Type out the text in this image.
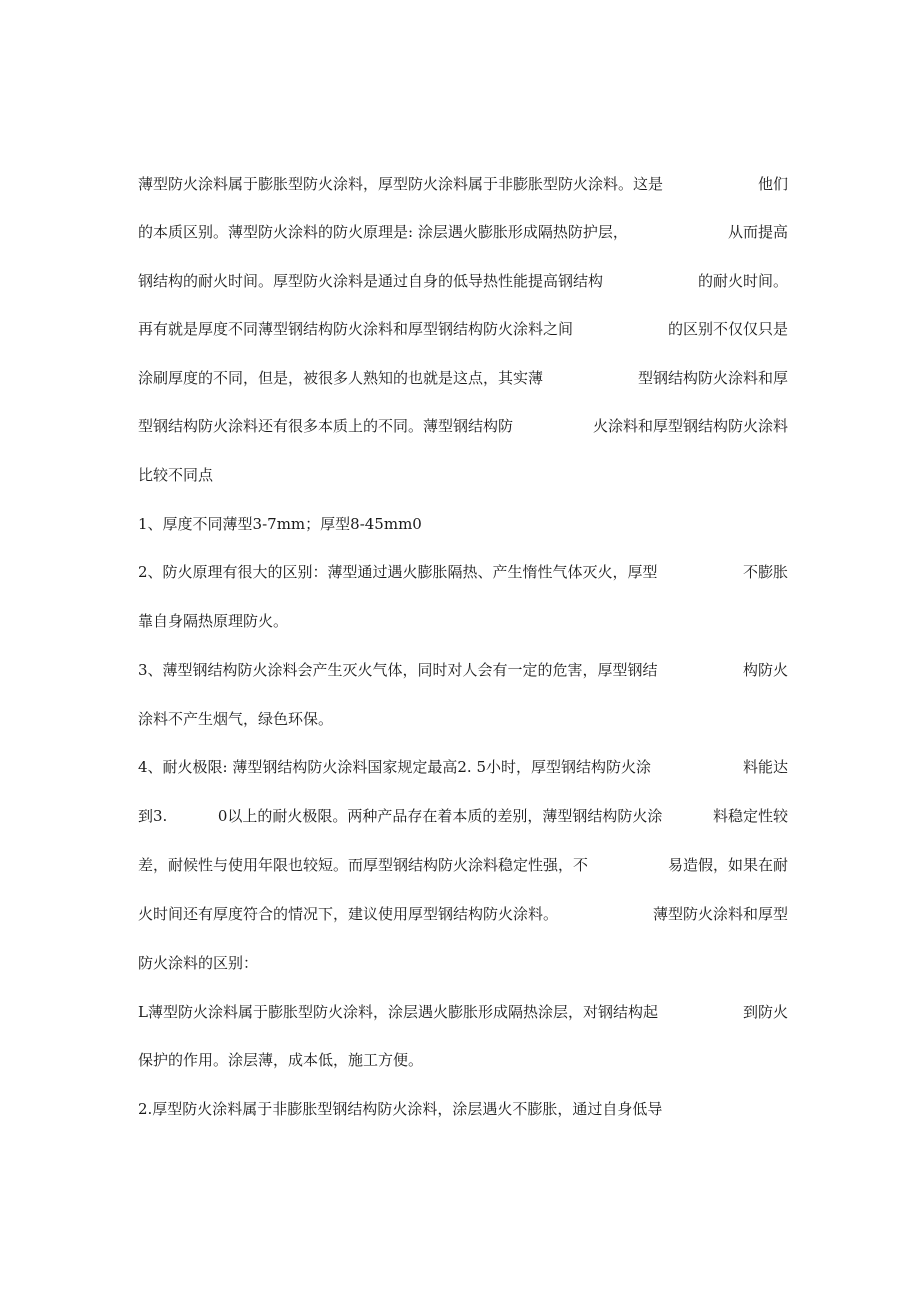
薄型防火涂料属于膨胀型防火涂料，厚型防火涂料属于非膨胀型防火涂料。这是	他们
的本质区别。薄型防火涂料的防火原理是: 涂层遇火膨胀形成隔热防护层，	从而提高
钢结构的耐火时间。厚型防火涂料是通过自身的低导热性能提高钢结构	的耐火时间。
再有就是厚度不同薄型钢结构防火涂料和厚型钢结构防火涂料之间	的区别不仅仅只是
涂刷厚度的不同，但是，被很多人熟知的也就是这点，其实薄	型钢结构防火涂料和厚
型钢结构防火涂料还有很多本质上的不同。薄型钢结构防	火涂料和厚型钢结构防火涂料
比较不同点
1、厚度不同薄型3-7mm；厚型8-45mm0
2、防火原理有很大的区别：薄型通过遇火膨胀隔热、产生惰性气体灭火，厚型	不膨胀
靠自身隔热原理防火。
3、薄型钢结构防火涂料会产生灭火气体，同时对人会有一定的危害，厚型钢结	构防火
涂料不产生烟气，绿色环保。
4、耐火极限: 薄型钢结构防火涂料国家规定最高2. 5小时，厚型钢结构防火涂	料能达
到3.	0以上的耐火极限。两种产品存在着本质的差别，薄型钢结构防火涂	料稳定性较
差，耐候性与使用年限也较短。而厚型钢结构防火涂料稳定性强，不	易造假，如果在耐
火时间还有厚度符合的情况下，建议使用厚型钢结构防火涂料。	薄型防火涂料和厚型
防火涂料的区别：
L薄型防火涂料属于膨胀型防火涂料，涂层遇火膨胀形成隔热涂层，对钢结构起	到防火
保护的作用。涂层薄，成本低，施工方便。
2.厚型防火涂料属于非膨胀型钢结构防火涂料，涂层遇火不膨胀，通过自身低导
